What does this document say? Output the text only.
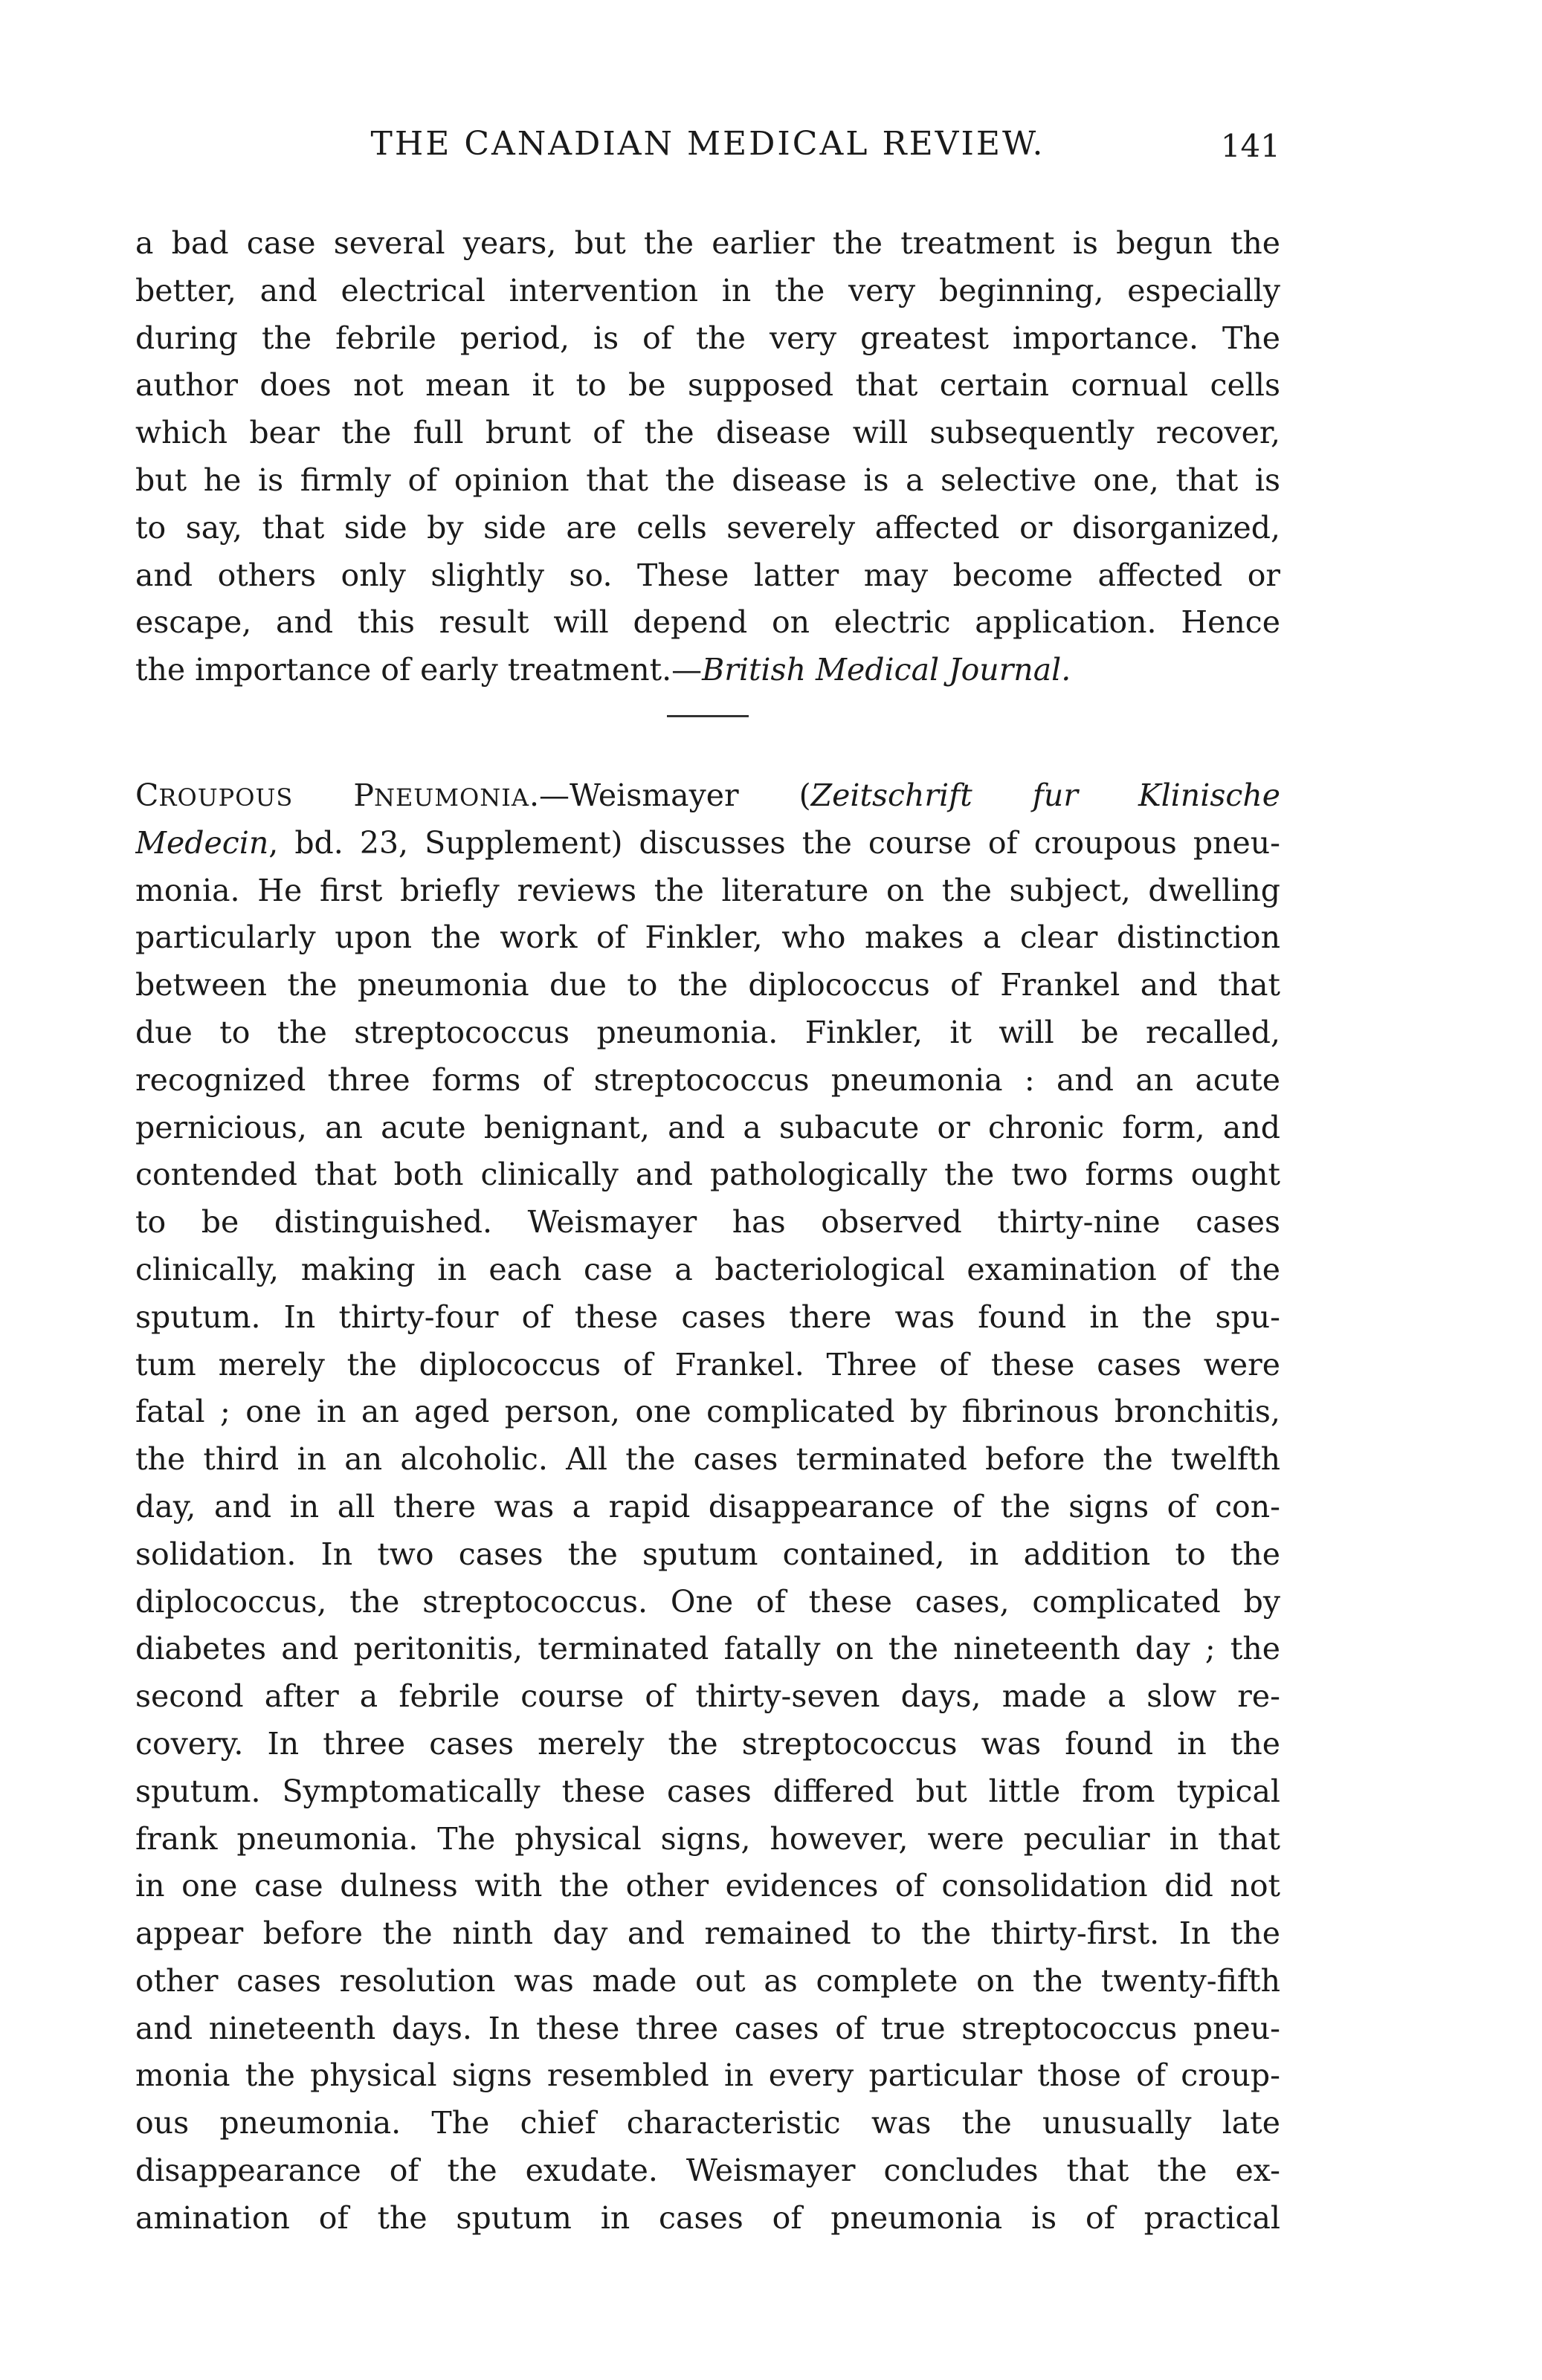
THE CANADIAN MEDICAL REVIEW.	141
a bad case several years, but the earlier the treatment is begun the
better, and electrical intervention in the very beginning, especially
during the febrile period, is of the very greatest importance. The
author does not mean it to be supposed that certain cornual cells
which bear the full brunt of the disease will subsequently recover,
but he is firmly of opinion that the disease is a selective one, that is
to say, that side by side are cells severely affected or disorganized,
and others only slightly so. These latter may become affected or
escape, and this result will depend on electric application. Hence
the importance of early treatment.—British Medical Journal.
CROUPOUS PNEUMONIA.—Weismayer (Zeitschrift fur Klinische
Medecin, bd. 23, Supplement) discusses the course of croupous pneu-
monia. He first briefly reviews the literature on the subject, dwelling
particularly upon the work of Finkler, who makes a clear distinction
between the pneumonia due to the diplococcus of Frankel and that
due to the streptococcus pneumonia. Finkler, it will be recalled,
recognized three forms of streptococcus pneumonia : and an acute
pernicious, an acute benignant, and a subacute or chronic form, and
contended that both clinically and pathologically the two forms ought
to be distinguished. Weismayer has observed thirty-nine cases
clinically, making in each case a bacteriological examination of the
sputum. In thirty-four of these cases there was found in the spu-
tum merely the diplococcus of Frankel. Three of these cases were
fatal ; one in an aged person, one complicated by fibrinous bronchitis,
the third in an alcoholic. All the cases terminated before the twelfth
day, and in all there was a rapid disappearance of the signs of con-
solidation. In two cases the sputum contained, in addition to the
diplococcus, the streptococcus. One of these cases, complicated by
diabetes and peritonitis, terminated fatally on the nineteenth day ; the
second after a febrile course of thirty-seven days, made a slow re-
covery. In three cases merely the streptococcus was found in the
sputum. Symptomatically these cases differed but little from typical
frank pneumonia. The physical signs, however, were peculiar in that
in one case dulness with the other evidences of consolidation did not
appear before the ninth day and remained to the thirty-first. In the
other cases resolution was made out as complete on the twenty-fifth
and nineteenth days. In these three cases of true streptococcus pneu-
monia the physical signs resembled in every particular those of croup-
ous pneumonia. The chief characteristic was the unusually late
disappearance of the exudate. Weismayer concludes that the ex-
amination of the sputum in cases of pneumonia is of practical
